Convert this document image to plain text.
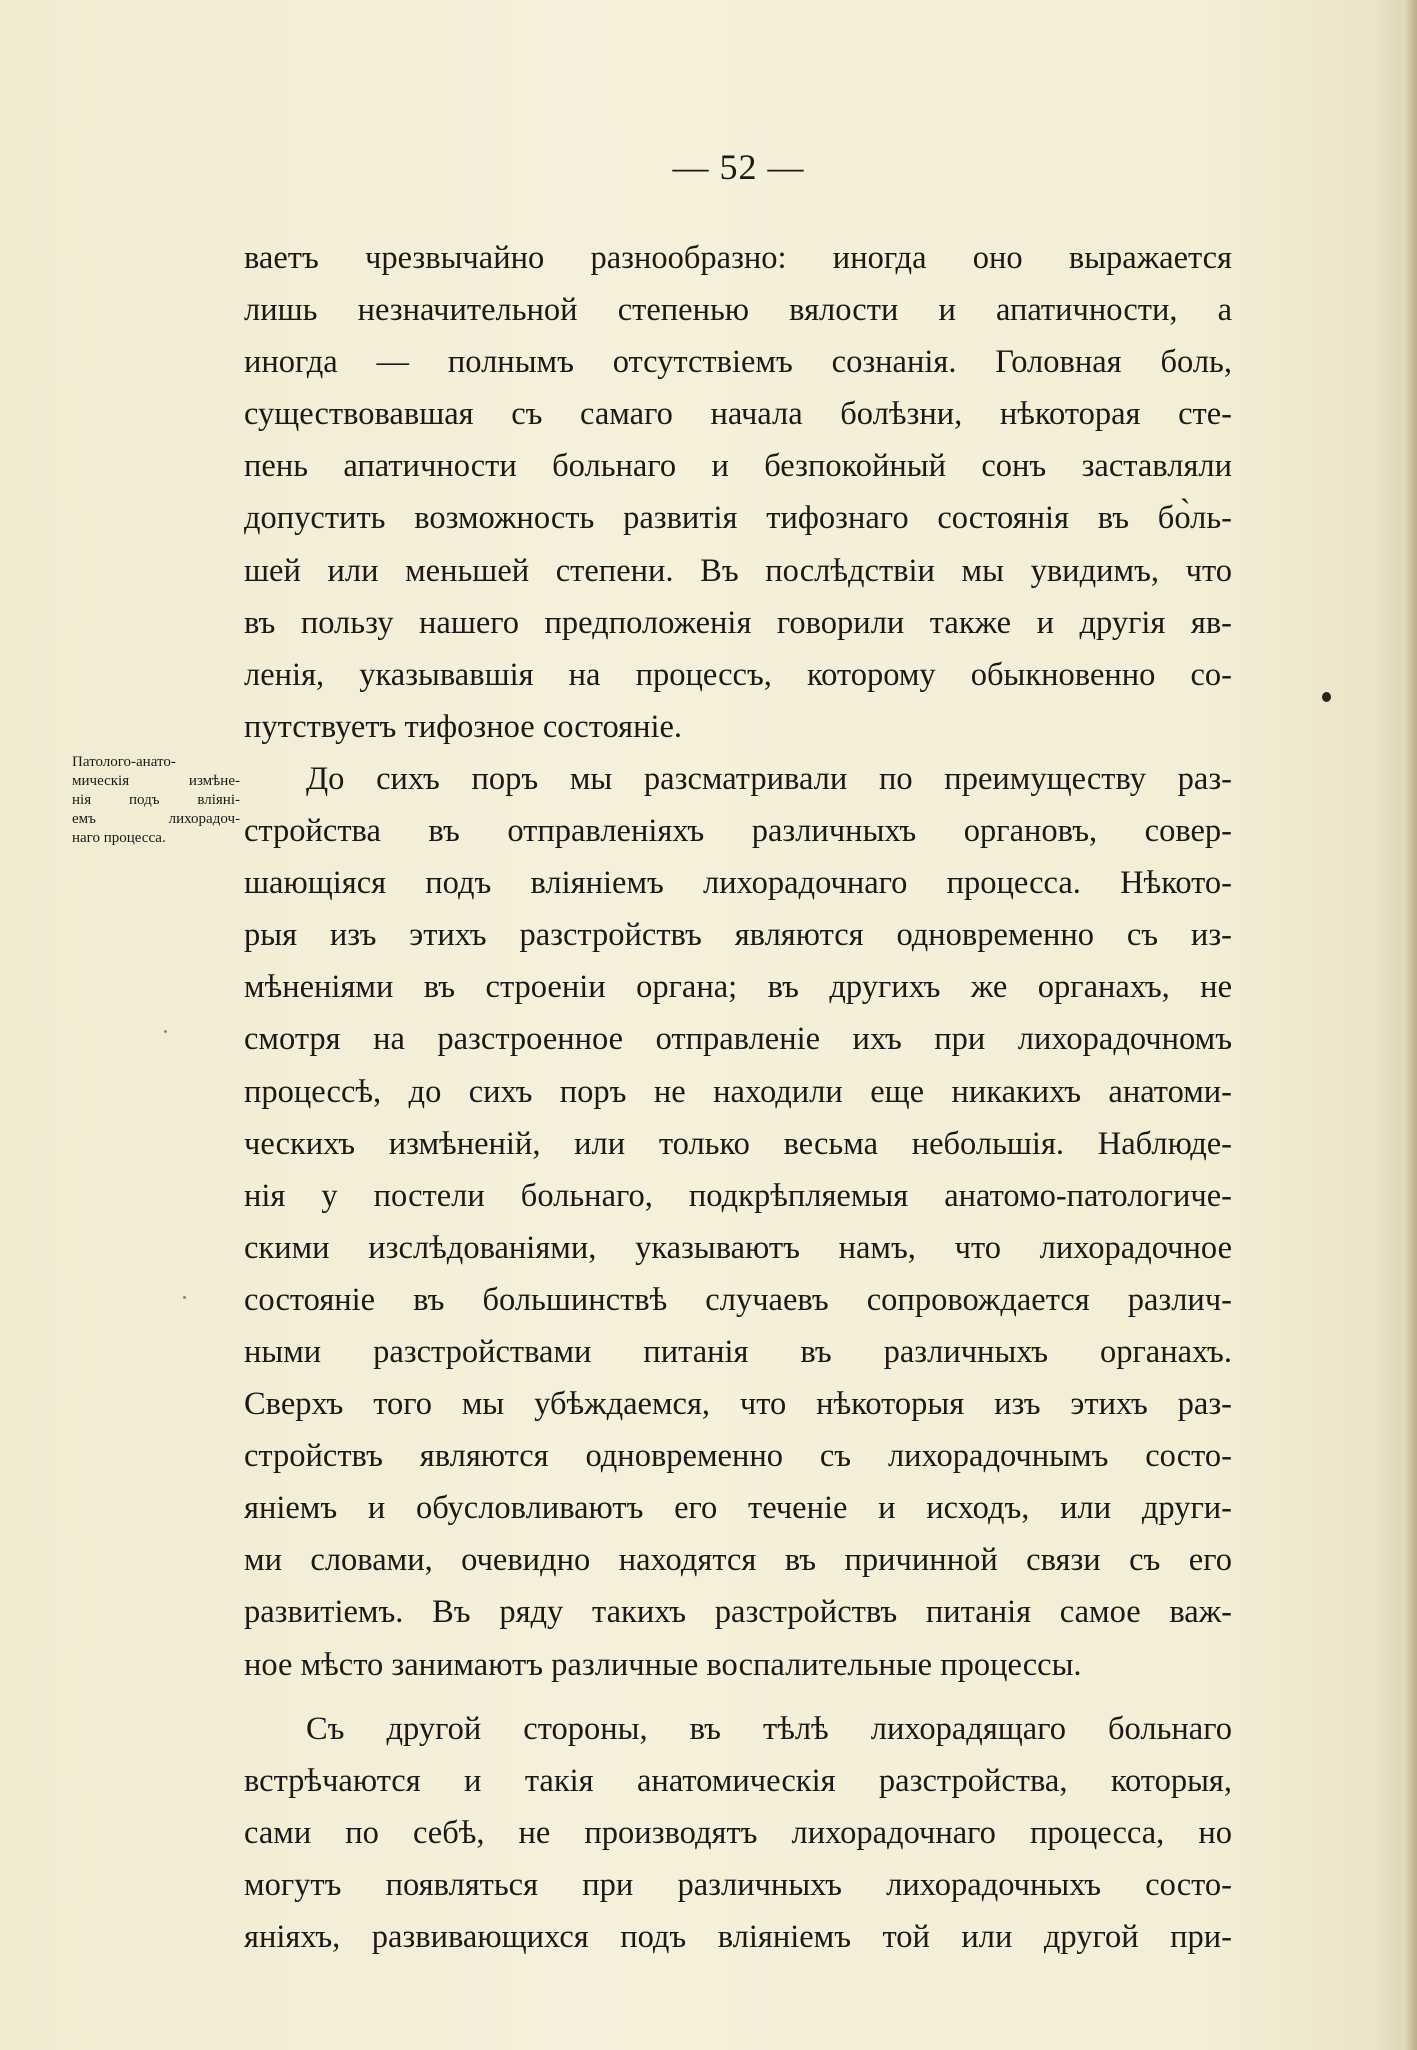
— 52 —
Патолого-анато-
мическія измѣне-
нія подъ вліяні-
емъ лихорадоч-
наго процесса.
ваетъ чрезвычайно разнообразно: иногда оно выражается
лишь незначительной степенью вялости и апатичности, а
иногда — полнымъ отсутствіемъ сознанія. Головная боль,
существовавшая съ самаго начала болѣзни, нѣкоторая сте-
пень апатичности больнаго и безпокойный сонъ заставляли
допустить возможность развитія тифознаго состоянія въ бо̀ль-
шей или меньшей степени. Въ послѣдствіи мы увидимъ, что
въ пользу нашего предположенія говорили также и другія яв-
ленія, указывавшія на процессъ, которому обыкновенно со-
путствуетъ тифозное состояніе.
До сихъ поръ мы разсматривали по преимуществу раз-
стройства въ отправленіяхъ различныхъ органовъ, совер-
шающіяся подъ вліяніемъ лихорадочнаго процесса. Нѣкото-
рыя изъ этихъ разстройствъ являются одновременно съ из-
мѣненіями въ строеніи органа; въ другихъ же органахъ, не
смотря на разстроенное отправленіе ихъ при лихорадочномъ
процессѣ, до сихъ поръ не находили еще никакихъ анатоми-
ческихъ измѣненій, или только весьма небольшія. Наблюде-
нія у постели больнаго, подкрѣпляемыя анатомо-патологиче-
скими изслѣдованіями, указываютъ намъ, что лихорадочное
состояніе въ большинствѣ случаевъ сопровождается различ-
ными разстройствами питанія въ различныхъ органахъ.
Сверхъ того мы убѣждаемся, что нѣкоторыя изъ этихъ раз-
стройствъ являются одновременно съ лихорадочнымъ состо-
яніемъ и обусловливаютъ его теченіе и исходъ, или други-
ми словами, очевидно находятся въ причинной связи съ его
развитіемъ. Въ ряду такихъ разстройствъ питанія самое важ-
ное мѣсто занимаютъ различные воспалительные процессы.
Съ другой стороны, въ тѣлѣ лихорадящаго больнаго
встрѣчаются и такія анатомическія разстройства, которыя,
сами по себѣ, не производятъ лихорадочнаго процесса, но
могутъ появляться при различныхъ лихорадочныхъ состо-
яніяхъ, развивающихся подъ вліяніемъ той или другой при-
